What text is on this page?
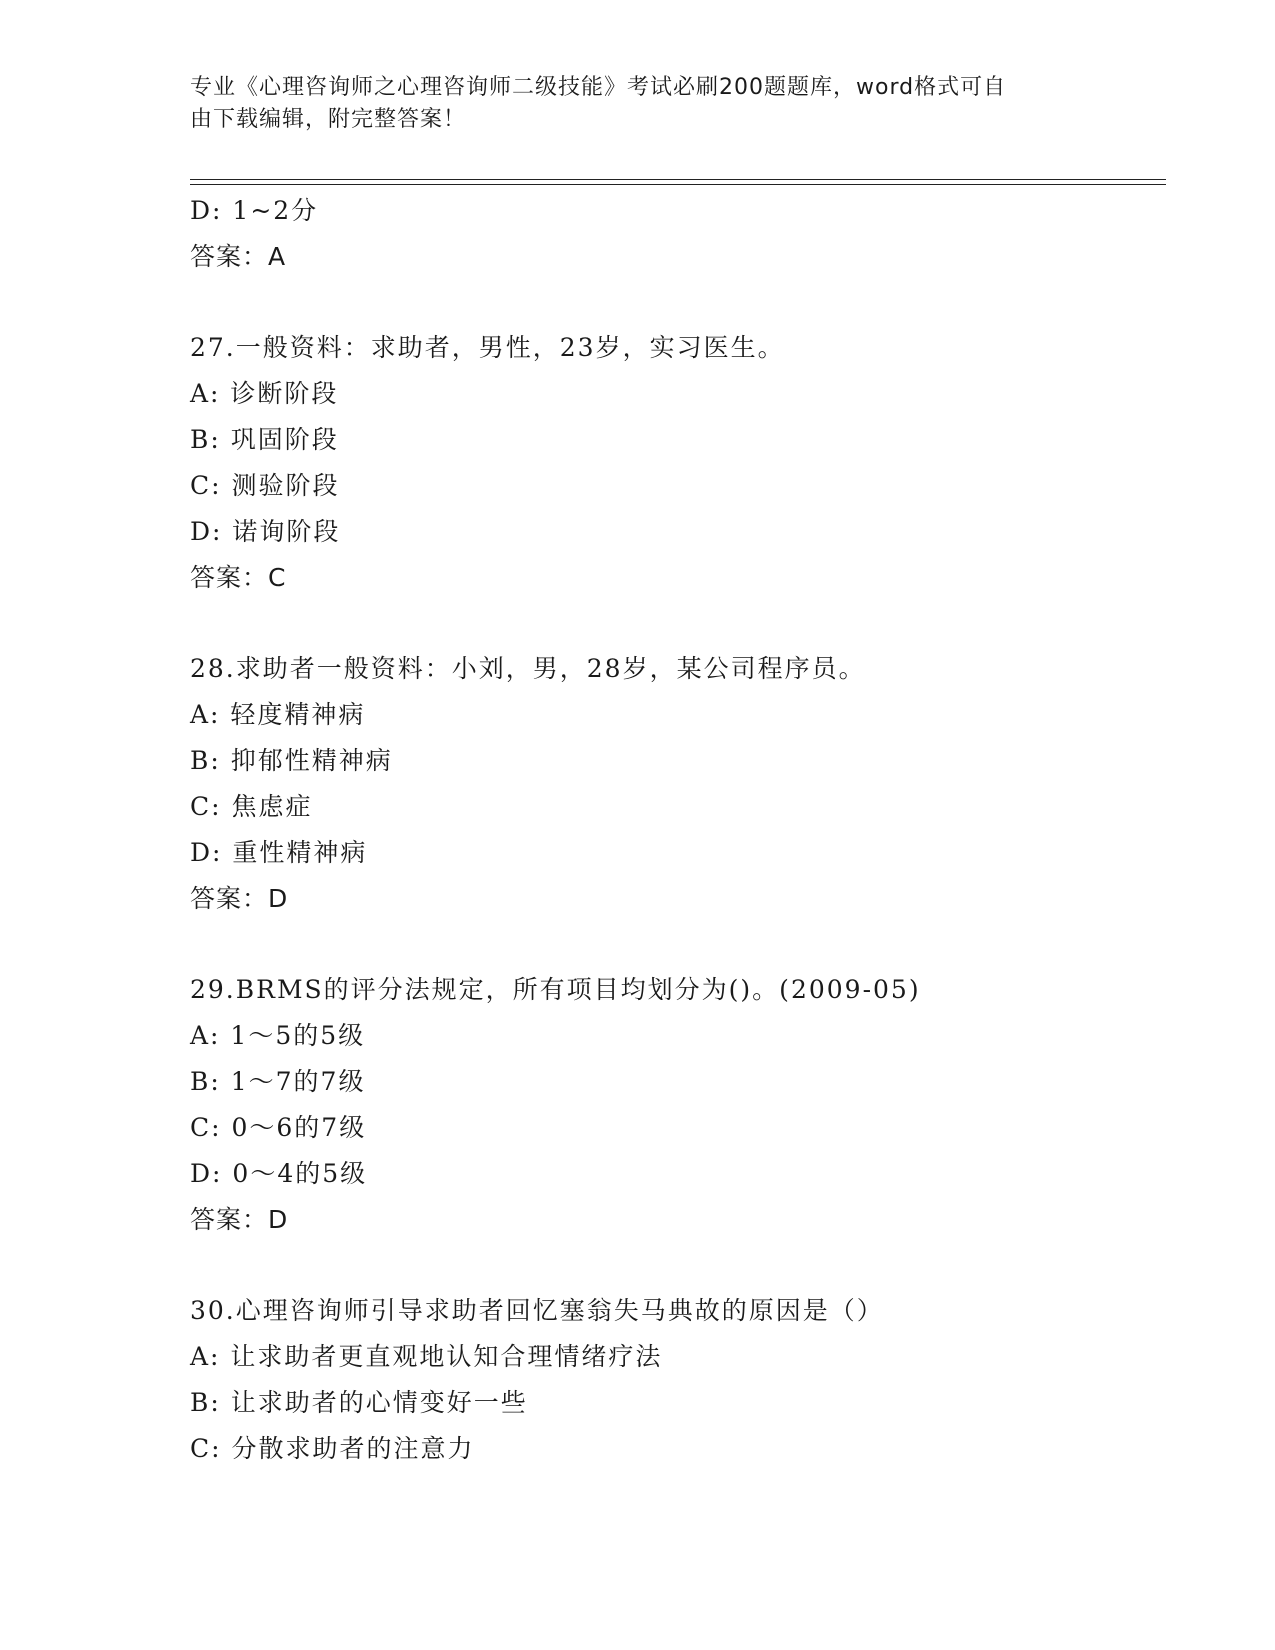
专业《心理咨询师之心理咨询师二级技能》考试必刷200题题库，word格式可自

由下载编辑，附完整答案！

D: 1~2分
答案：A
27.一般资料：求助者，男性，23岁，实习医生。
A: 诊断阶段
B: 巩固阶段
C: 测验阶段
D: 诺询阶段
答案：C
28.求助者一般资料：小刘，男，28岁，某公司程序员。
A: 轻度精神病
B: 抑郁性精神病
C: 焦虑症
D: 重性精神病
答案：D
29.BRMS的评分法规定，所有项目均划分为()。(2009-05)
A: 1～5的5级
B: 1～7的7级
C: 0～6的7级
D: 0～4的5级
答案：D
30.心理咨询师引导求助者回忆塞翁失马典故的原因是（）
A: 让求助者更直观地认知合理情绪疗法
B: 让求助者的心情变好一些
C: 分散求助者的注意力
